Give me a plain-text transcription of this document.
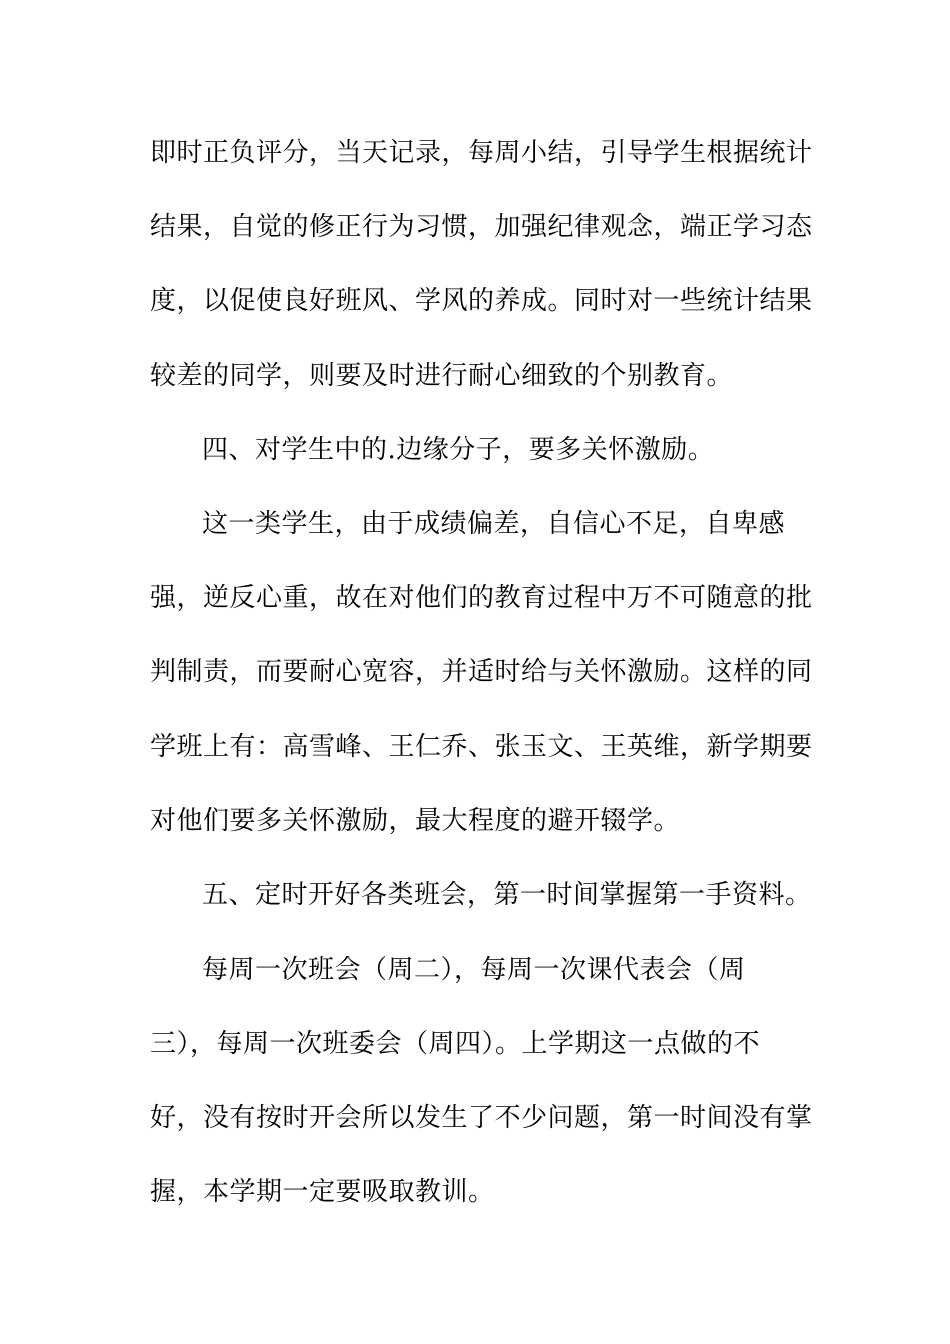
即时正负评分，当天记录，每周小结，引导学生根据统计
结果，自觉的修正行为习惯，加强纪律观念，端正学习态
度，以促使良好班风、学风的养成。同时对一些统计结果
较差的同学，则要及时进行耐心细致的个别教育。
四、对学生中的.边缘分子，要多关怀激励。
这一类学生，由于成绩偏差，自信心不足，自卑感
强，逆反心重，故在对他们的教育过程中万不可随意的批
判制责，而要耐心宽容，并适时给与关怀激励。这样的同
学班上有：高雪峰、王仁乔、张玉文、王英维，新学期要
对他们要多关怀激励，最大程度的避开辍学。
五、定时开好各类班会，第一时间掌握第一手资料。
每周一次班会（周二），每周一次课代表会（周
三），每周一次班委会（周四）。上学期这一点做的不
好，没有按时开会所以发生了不少问题，第一时间没有掌
握，本学期一定要吸取教训。
